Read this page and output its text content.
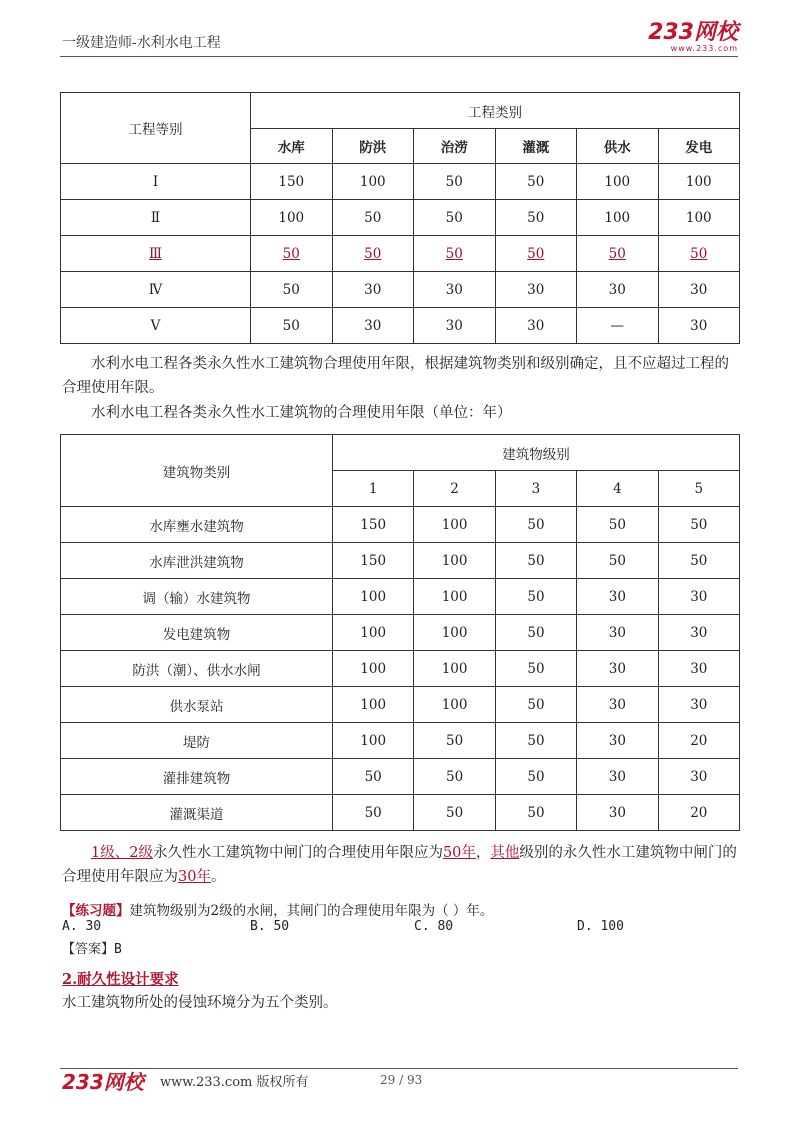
一级建造师-水利水电工程	233网校
www.233.com
工程等别	工程类别					
	水库	防洪	治涝	灌溉	供水	发电
Ⅰ	150	100	50	50	100	100
Ⅱ	100	50	50	50	100	100
Ⅲ	50	50	50	50	50	50
Ⅳ	50	30	30	30	30	30
Ⅴ	50	30	30	30	—	30
水利水电工程各类永久性水工建筑物合理使用年限，根据建筑物类别和级别确定，且不应超过工程的合理使用年限。
水利水电工程各类永久性水工建筑物的合理使用年限（单位：年）
建筑物类别	建筑物级别				
	1	2	3	4	5
水库壅水建筑物	150	100	50	50	50
水库泄洪建筑物	150	100	50	50	50
调（输）水建筑物	100	100	50	30	30
发电建筑物	100	100	50	30	30
防洪（潮）、供水水闸	100	100	50	30	30
供水泵站	100	100	50	30	30
堤防	100	50	50	30	20
灌排建筑物	50	50	50	30	30
灌溉渠道	50	50	50	30	20
1级、2级永久性水工建筑物中闸门的合理使用年限应为50年，其他级别的永久性水工建筑物中闸门的合理使用年限应为30年。
【练习题】建筑物级别为2级的水闸，其闸门的合理使用年限为（ ）年。
A. 30	B. 50	C. 80	D. 100
【答案】B
2.耐久性设计要求
水工建筑物所处的侵蚀环境分为五个类别。
233网校 www.233.com 版权所有	29 / 93
